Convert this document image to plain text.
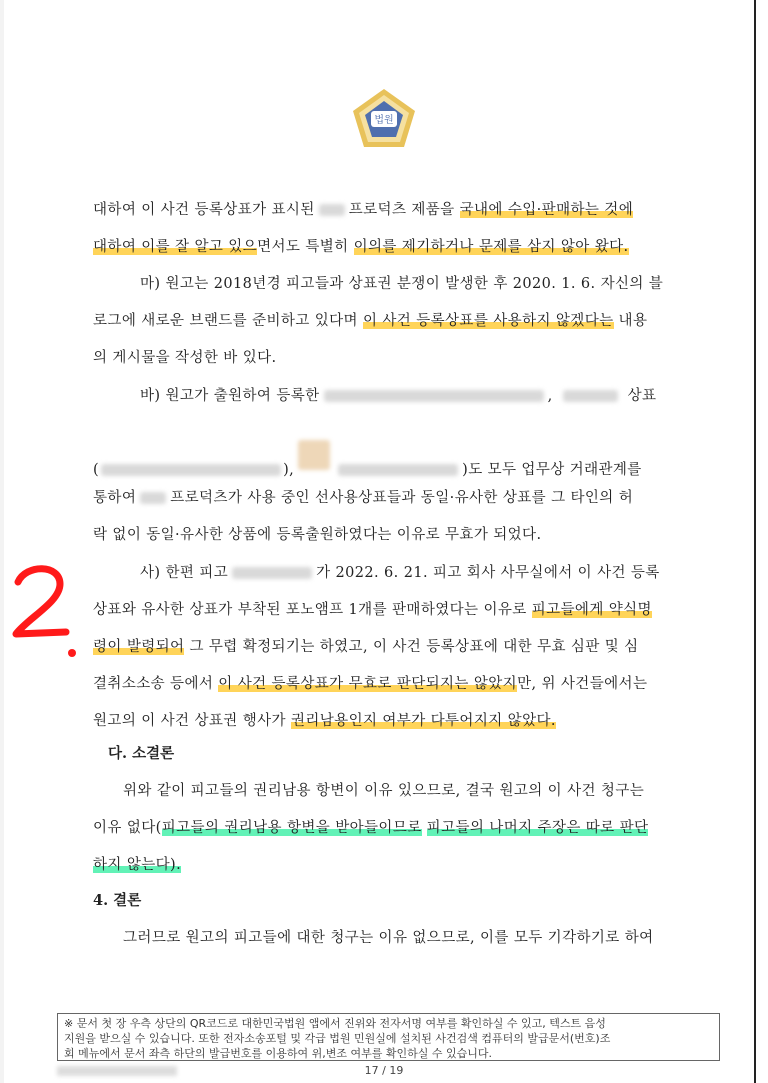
법원
대하여 이 사건 등록상표가 표시된 프로덕츠 제품을 국내에 수입·판매하는 것에
대하여 이를 잘 알고 있으면서도 특별히 이의를 제기하거나 문제를 삼지 않아 왔다.
마) 원고는 2018년경 피고들과 상표권 분쟁이 발생한 후 2020. 1. 6. 자신의 블
로그에 새로운 브랜드를 준비하고 있다며 이 사건 등록상표를 사용하지 않겠다는 내용
의 게시물을 작성한 바 있다.
바) 원고가 출원하여 등록한	,	상표
(	),	)도 모두 업무상 거래관계를
통하여 프로덕츠가 사용 중인 선사용상표들과 동일·유사한 상표를 그 타인의 허
락 없이 동일·유사한 상품에 등록출원하였다는 이유로 무효가 되었다.
사) 한편 피고	가 2022. 6. 21. 피고 회사 사무실에서 이 사건 등록
상표와 유사한 상표가 부착된 포노앰프 1개를 판매하였다는 이유로 피고들에게 약식명
령이 발령되어 그 무렵 확정되기는 하였고, 이 사건 등록상표에 대한 무효 심판 및 심
결취소소송 등에서 이 사건 등록상표가 무효로 판단되지는 않았지만, 위 사건들에서는
원고의 이 사건 상표권 행사가 권리남용인지 여부가 다투어지지 않았다.
다. 소결론
위와 같이 피고들의 권리남용 항변이 이유 있으므로, 결국 원고의 이 사건 청구는
이유 없다(피고들의 권리남용 항변을 받아들이므로 피고들의 나머지 주장은 따로 판단
하지 않는다).
4. 결론
그러므로 원고의 피고들에 대한 청구는 이유 없으므로, 이를 모두 기각하기로 하여
※ 문서 첫 장 우측 상단의 QR코드로 대한민국법원 앱에서 진위와 전자서명 여부를 확인하실 수 있고, 텍스트 음성
지원을 받으실 수 있습니다. 또한 전자소송포털 및 각급 법원 민원실에 설치된 사건검색 컴퓨터의 발급문서(번호)조
회 메뉴에서 문서 좌측 하단의 발급번호를 이용하여 위,변조 여부를 확인하실 수 있습니다.
17 / 19
